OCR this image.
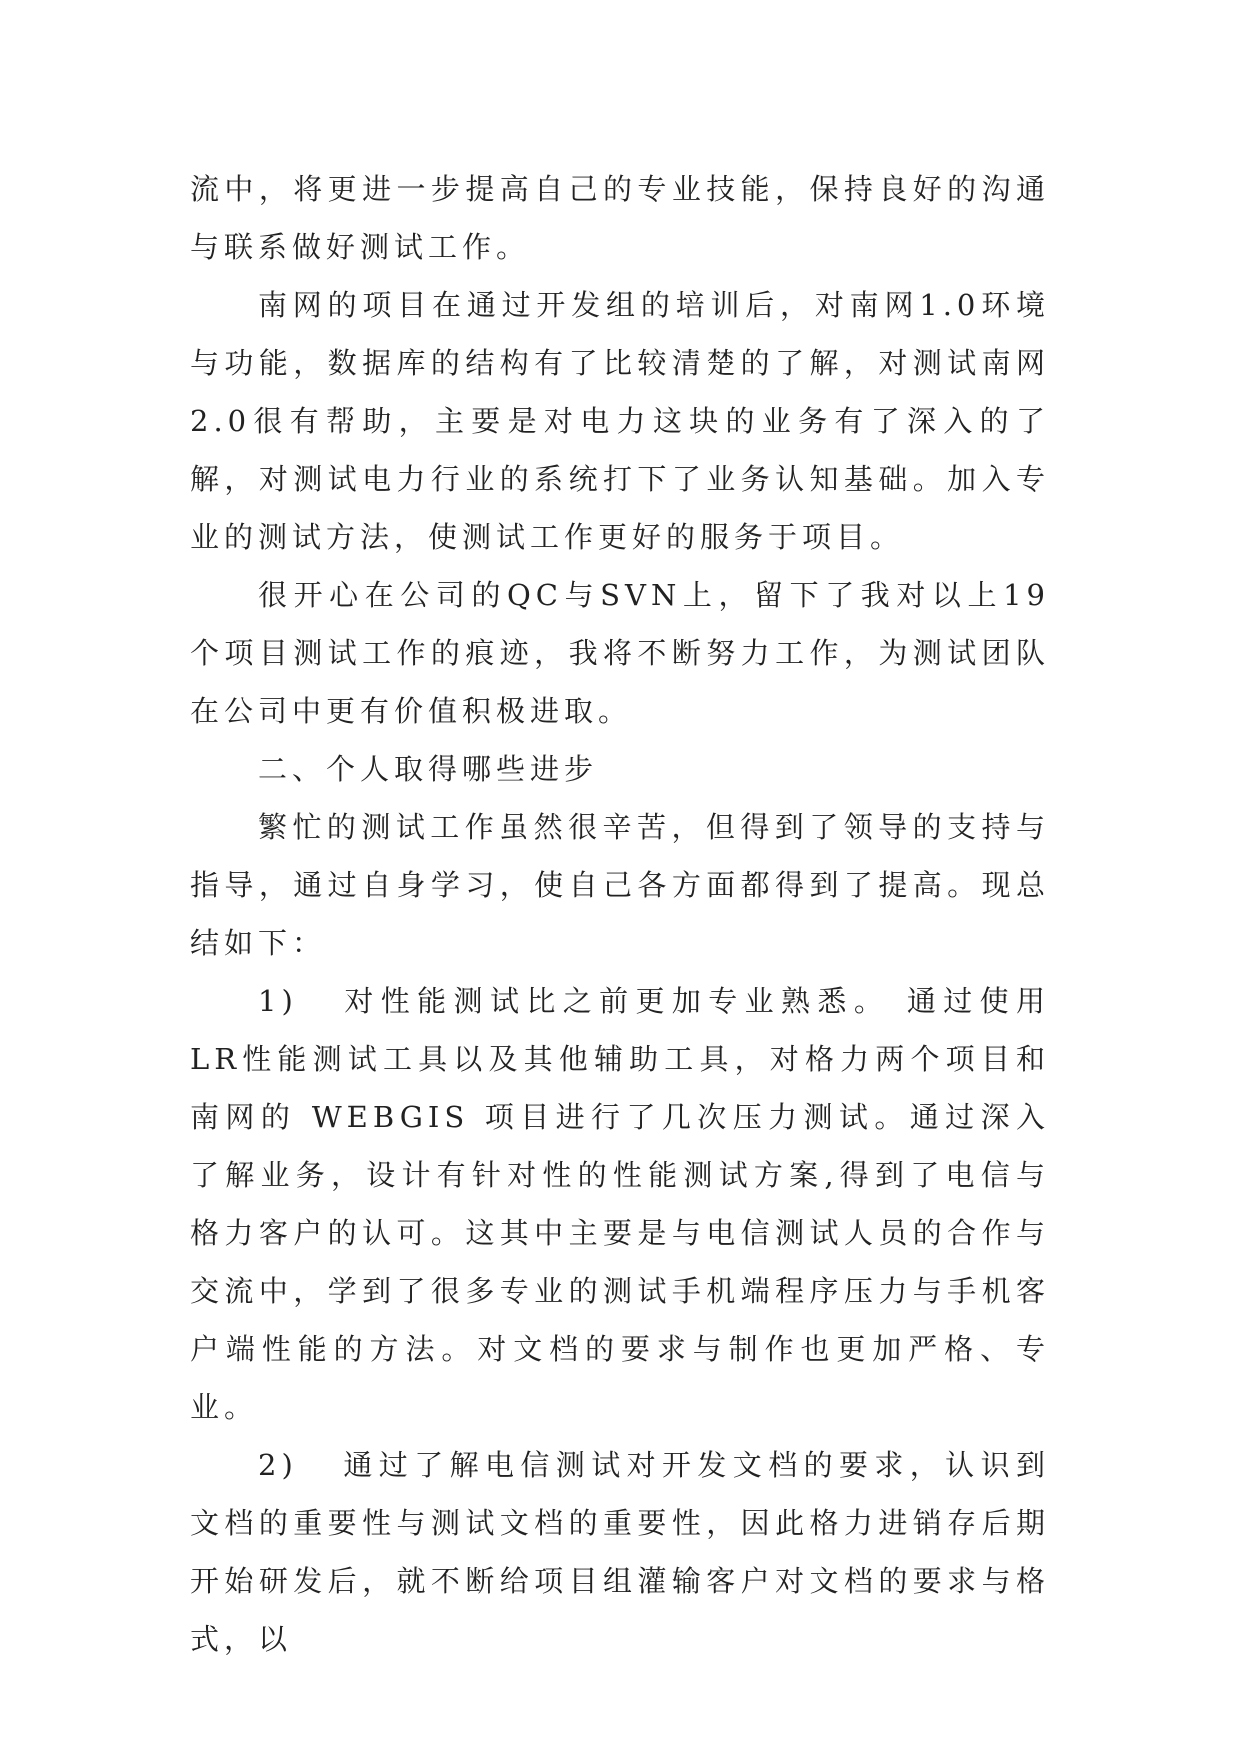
流中，将更进一步提高自己的专业技能，保持良好的沟通与联系做好测试工作。

南网的项目在通过开发组的培训后，对南网1.0环境与功能，数据库的结构有了比较清楚的了解，对测试南网2.0很有帮助，主要是对电力这块的业务有了深入的了解，对测试电力行业的系统打下了业务认知基础。加入专业的测试方法，使测试工作更好的服务于项目。

很开心在公司的QC与SVN上，留下了我对以上19个项目测试工作的痕迹，我将不断努力工作，为测试团队在公司中更有价值积极进取。

二、个人取得哪些进步

繁忙的测试工作虽然很辛苦，但得到了领导的支持与指导，通过自身学习，使自己各方面都得到了提高。现总结如下：

1) 对性能测试比之前更加专业熟悉。 通过使用 LR性能测试工具以及其他辅助工具，对格力两个项目和南网的 WEBGIS 项目进行了几次压力测试。通过深入了解业务，设计有针对性的性能测试方案,得到了电信与格力客户的认可。这其中主要是与电信测试人员的合作与交流中，学到了很多专业的测试手机端程序压力与手机客户端性能的方法。对文档的要求与制作也更加严格、专业。

2) 通过了解电信测试对开发文档的要求，认识到文档的重要性与测试文档的重要性，因此格力进销存后期开始研发后，就不断给项目组灌输客户对文档的要求与格式，以
